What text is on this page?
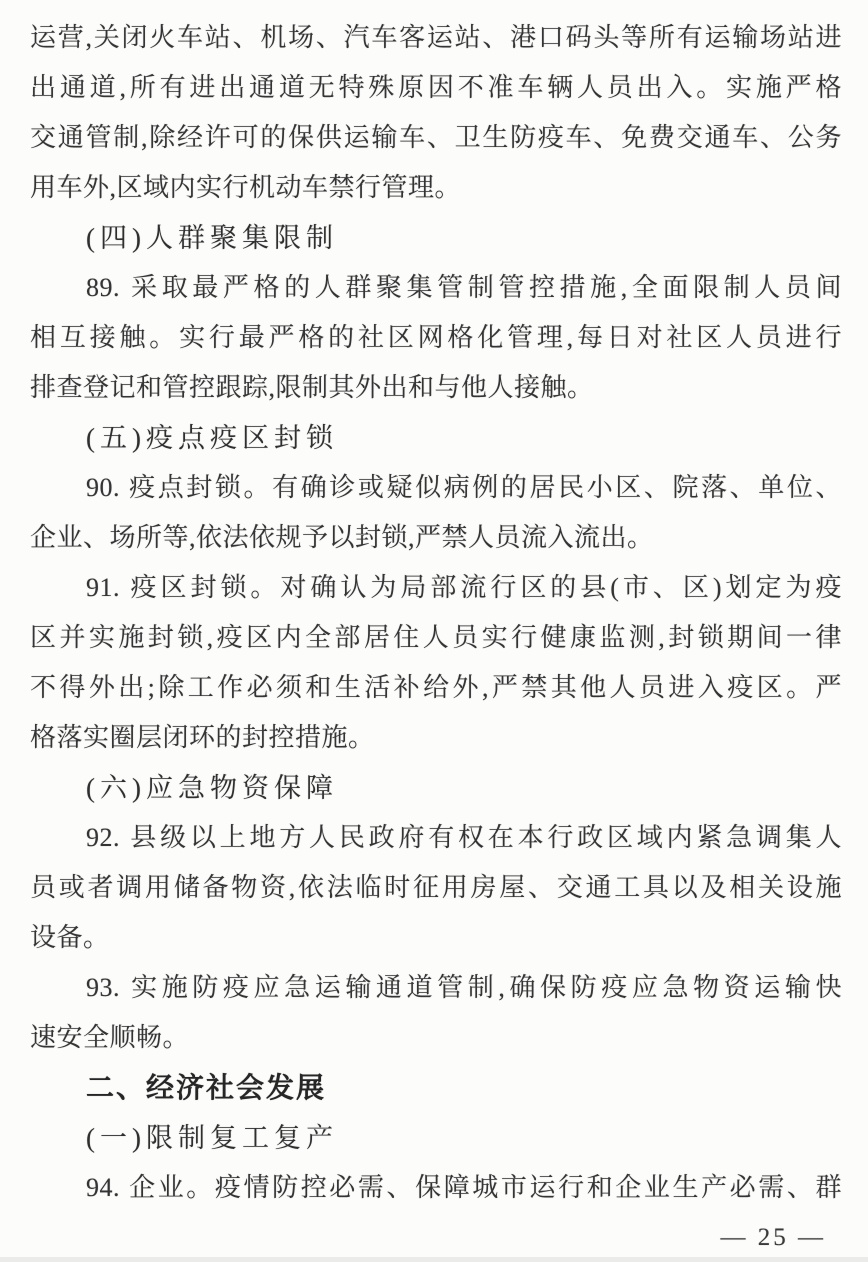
运营,关闭火车站、机场、汽车客运站、港口码头等所有运输场站进
出通道,所有进出通道无特殊原因不准车辆人员出入。实施严格
交通管制,除经许可的保供运输车、卫生防疫车、免费交通车、公务
用车外,区域内实行机动车禁行管理。
(四)人群聚集限制
89. 采取最严格的人群聚集管制管控措施,全面限制人员间
相互接触。实行最严格的社区网格化管理,每日对社区人员进行
排查登记和管控跟踪,限制其外出和与他人接触。
(五)疫点疫区封锁
90. 疫点封锁。有确诊或疑似病例的居民小区、院落、单位、
企业、场所等,依法依规予以封锁,严禁人员流入流出。
91. 疫区封锁。对确认为局部流行区的县(市、区)划定为疫
区并实施封锁,疫区内全部居住人员实行健康监测,封锁期间一律
不得外出;除工作必须和生活补给外,严禁其他人员进入疫区。严
格落实圈层闭环的封控措施。
(六)应急物资保障
92. 县级以上地方人民政府有权在本行政区域内紧急调集人
员或者调用储备物资,依法临时征用房屋、交通工具以及相关设施
设备。
93. 实施防疫应急运输通道管制,确保防疫应急物资运输快
速安全顺畅。
二、经济社会发展
(一)限制复工复产
94. 企业。疫情防控必需、保障城市运行和企业生产必需、群
— 25 —
